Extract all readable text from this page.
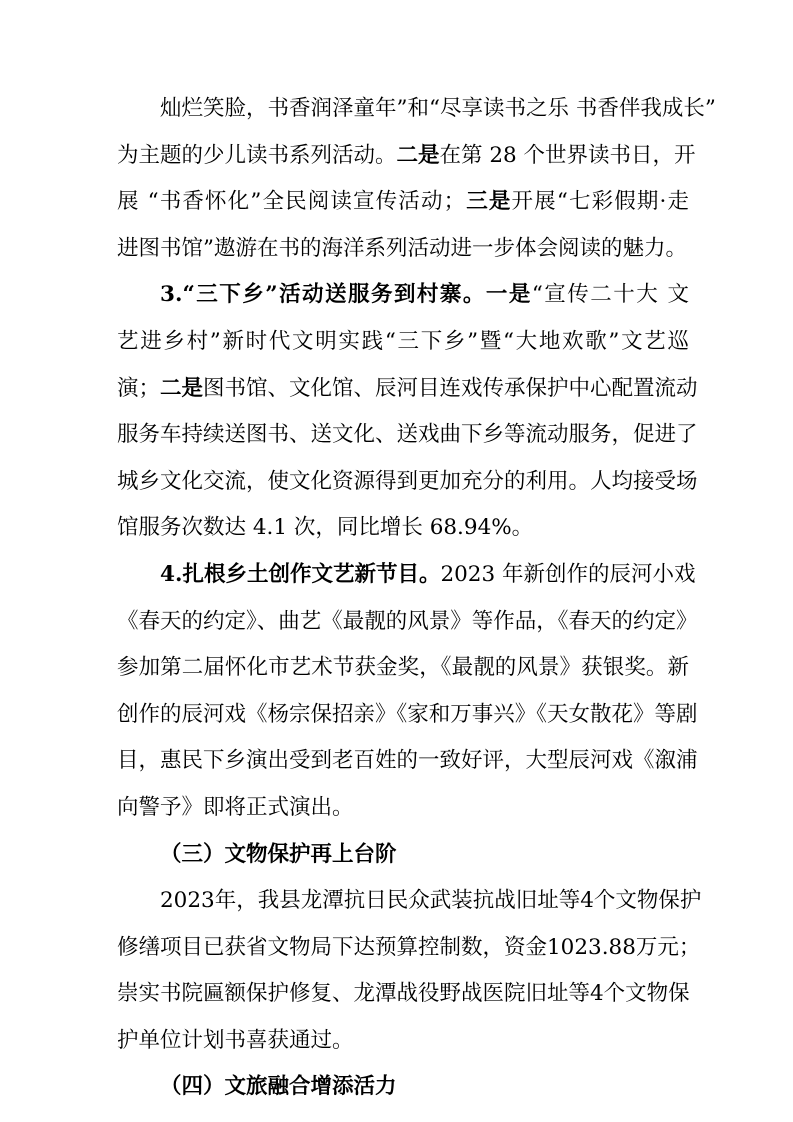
灿烂笑脸，书香润泽童年”和“尽享读书之乐 书香伴我成长”
为主题的少儿读书系列活动。二是在第 28 个世界读书日，开
展 “书香怀化”全民阅读宣传活动；三是开展“七彩假期·走
进图书馆”遨游在书的海洋系列活动进一步体会阅读的魅力。
3.“三下乡”活动送服务到村寨。一是“宣传二十大 文
艺进乡村”新时代文明实践“三下乡”暨“大地欢歌”文艺巡
演；二是图书馆、文化馆、辰河目连戏传承保护中心配置流动
服务车持续送图书、送文化、送戏曲下乡等流动服务，促进了
城乡文化交流，使文化资源得到更加充分的利用。人均接受场
馆服务次数达 4.1 次，同比增长 68.94%。
4.扎根乡土创作文艺新节目。2023 年新创作的辰河小戏
《春天的约定》、曲艺《最靓的风景》等作品，《春天的约定》
参加第二届怀化市艺术节获金奖，《最靓的风景》获银奖。新
创作的辰河戏《杨宗保招亲》《家和万事兴》《天女散花》等剧
目，惠民下乡演出受到老百姓的一致好评，大型辰河戏《溆浦
向警予》即将正式演出。
（三）文物保护再上台阶
2023年，我县龙潭抗日民众武装抗战旧址等4个文物保护
修缮项目已获省文物局下达预算控制数，资金1023.88万元；
崇实书院匾额保护修复、龙潭战役野战医院旧址等4个文物保
护单位计划书喜获通过。
（四）文旅融合增添活力
